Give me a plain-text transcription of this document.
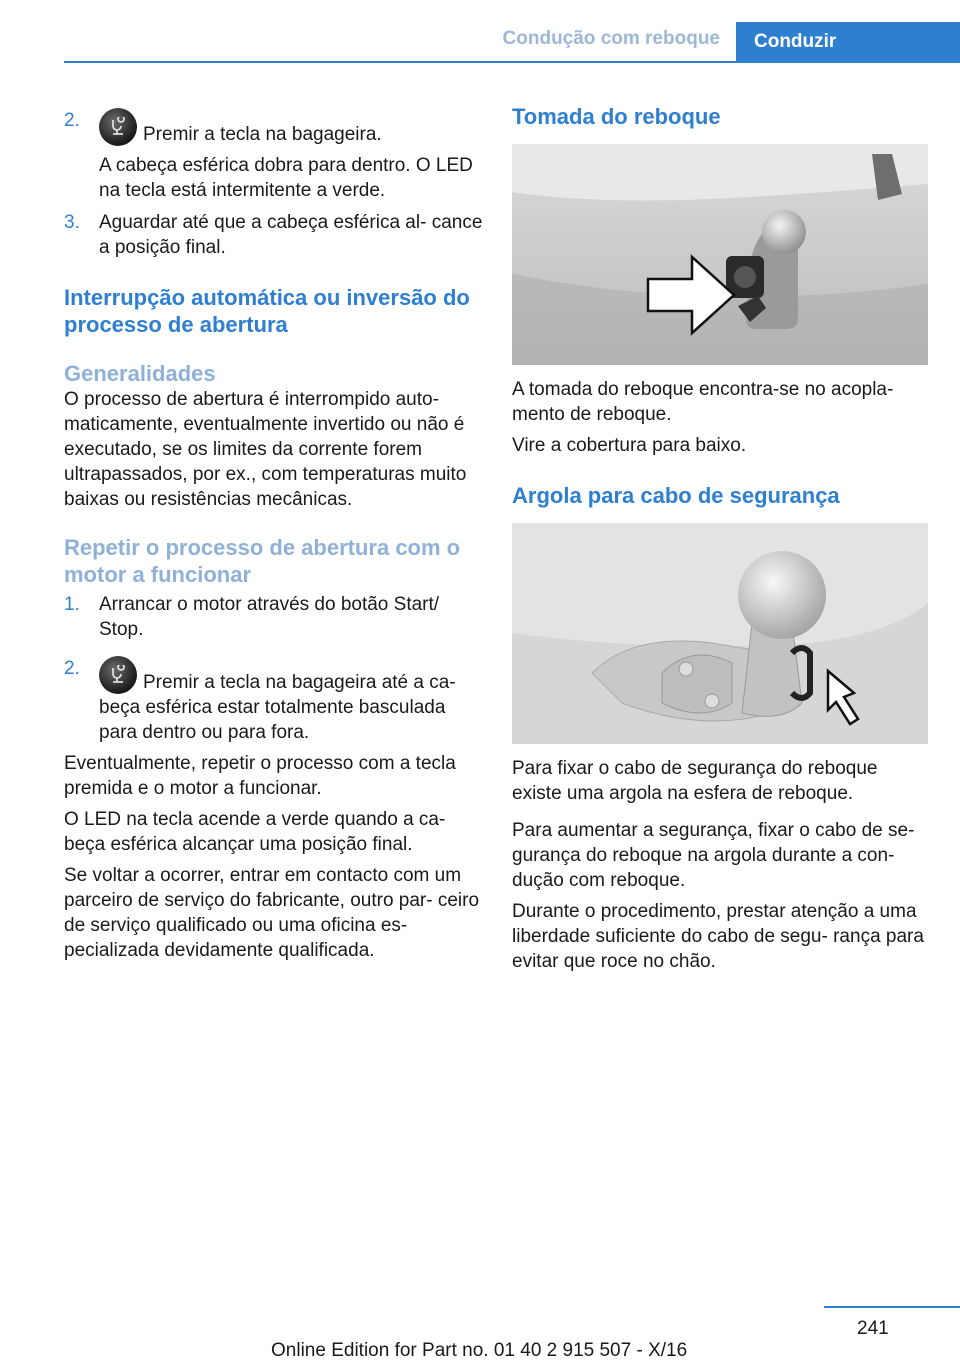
Condução com reboque	Conduzir
2.
Premir a tecla na bagageira.

A cabeça esférica dobra para dentro. O LED na tecla está intermitente a verde.

3.	Aguardar até que a cabeça esférica al‐ cance a posição final.
Interrupção automática ou inversão do processo de abertura
Generalidades

O processo de abertura é interrompido auto‐ maticamente, eventualmente invertido ou não é executado, se os limites da corrente forem ultrapassados, por ex., com temperaturas muito baixas ou resistências mecânicas.

Repetir o processo de abertura com o motor a funcionar
1.	Arrancar o motor através do botão Start/ Stop.
2.
Premir a tecla na bagageira até a ca‐ beça esférica estar totalmente basculada para dentro ou para fora.

Eventualmente, repetir o processo com a tecla premida e o motor a funcionar.

O LED na tecla acende a verde quando a ca‐ beça esférica alcançar uma posição final.

Se voltar a ocorrer, entrar em contacto com um parceiro de serviço do fabricante, outro par‐ ceiro de serviço qualificado ou uma oficina es‐ pecializada devidamente qualificada.

Tomada do reboque

A tomada do reboque encontra-se no acopla‐ mento de reboque.

Vire a cobertura para baixo.

Argola para cabo de segurança

Para fixar o cabo de segurança do reboque existe uma argola na esfera de reboque.

Para aumentar a segurança, fixar o cabo de se‐ gurança do reboque na argola durante a con‐ dução com reboque.

Durante o procedimento, prestar atenção a uma liberdade suficiente do cabo de segu‐ rança para evitar que roce no chão.

241
Online Edition for Part no. 01 40 2 915 507 - X/16
